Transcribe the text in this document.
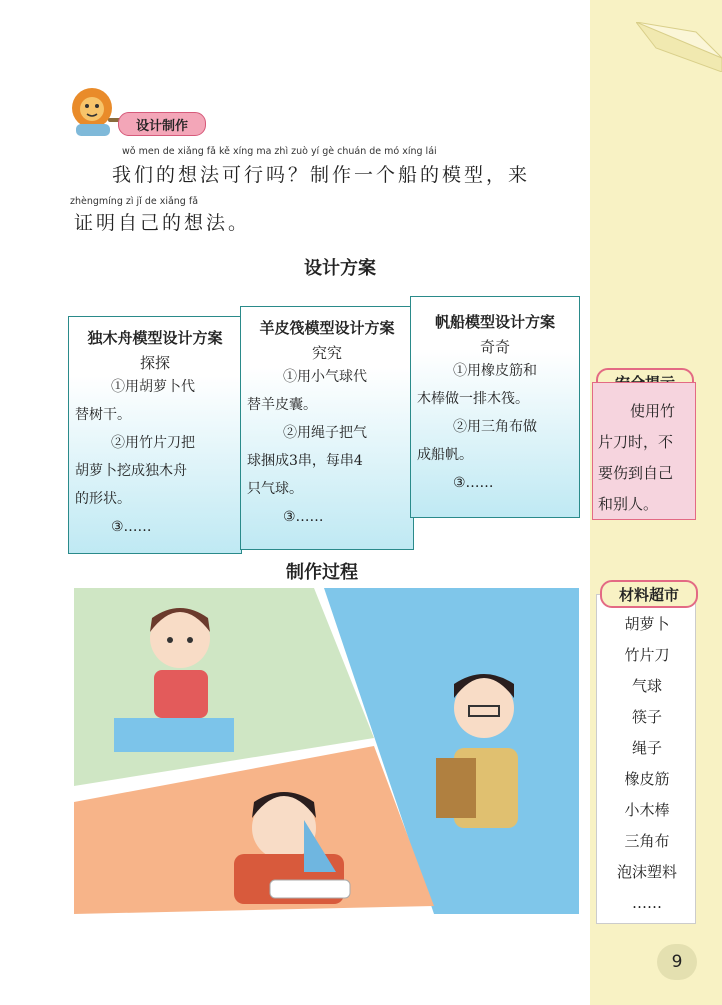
设计制作
wǒ men de xiǎng fǎ kě xíng ma zhì zuò yí gè chuán de mó xíng lái
我们的想法可行吗？制作一个船的模型，来
zhèngmíng zì jǐ de xiǎng fǎ
证明自己的想法。
设计方案
独木舟模型设计方案
探探
①用胡萝卜代
替树干。
②用竹片刀把
胡萝卜挖成独木舟
的形状。
③……
羊皮筏模型设计方案
究究
①用小气球代
替羊皮囊。
②用绳子把气
球捆成3串，每串4
只气球。
③……
帆船模型设计方案
奇奇
①用橡皮筋和
木棒做一排木筏。
②用三角布做
成船帆。
③……
制作过程
使用竹
片刀时，不
要伤到自己
和别人。
胡萝卜
竹片刀
气球
筷子
绳子
橡皮筋
小木棒
三角布
泡沫塑料
……
材料超市
9
